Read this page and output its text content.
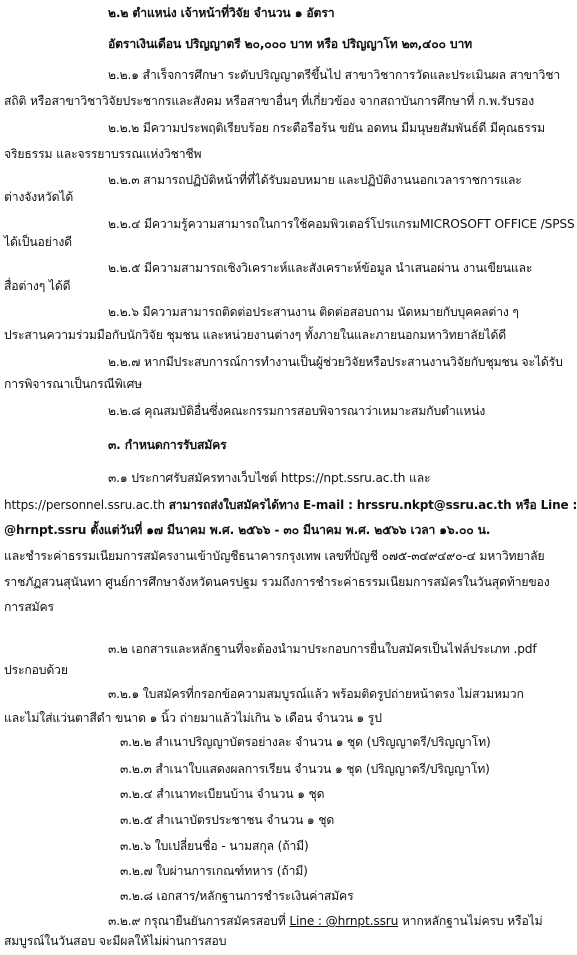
๒.๒ ตำแหน่ง เจ้าหน้าที่วิจัย จำนวน ๑ อัตรา
อัตราเงินเดือน ปริญญาตรี ๒๐,๐๐๐ บาท หรือ ปริญญาโท ๒๓,๔๐๐ บาท
๒.๒.๑ สำเร็จการศึกษา ระดับปริญญาตรีขึ้นไป สาขาวิชาการวัดและประเมินผล สาขาวิชา
สถิติ หรือสาขาวิชาวิจัยประชากรและสังคม หรือสาขาอื่นๆ ที่เกี่ยวข้อง จากสถาบันการศึกษาที่ ก.พ.รับรอง
๒.๒.๒ มีความประพฤติเรียบร้อย กระตือรือร้น ขยัน อดทน มีมนุษยสัมพันธ์ดี มีคุณธรรม
จริยธรรม และจรรยาบรรณแห่งวิชาชีพ
๒.๒.๓ สามารถปฏิบัติหน้าที่ที่ได้รับมอบหมาย และปฏิบัติงานนอกเวลาราชการและ
ต่างจังหวัดได้
๒.๒.๔ มีความรู้ความสามารถในการใช้คอมพิวเตอร์โปรแกรมMICROSOFT OFFICE /SPSS
ได้เป็นอย่างดี
๒.๒.๕ มีความสามารถเชิงวิเคราะห์และสังเคราะห์ข้อมูล นำเสนอผ่าน งานเขียนและ
สื่อต่างๆ ได้ดี
๒.๒.๖ มีความสามารถติดต่อประสานงาน ติดต่อสอบถาม นัดหมายกับบุคคลต่าง ๆ
ประสานความร่วมมือกับนักวิจัย ชุมชน และหน่วยงานต่างๆ ทั้งภายในและภายนอกมหาวิทยาลัยได้ดี
๒.๒.๗ หากมีประสบการณ์การทำงานเป็นผู้ช่วยวิจัยหรือประสานงานวิจัยกับชุมชน จะได้รับ
การพิจารณาเป็นกรณีพิเศษ
๒.๒.๘ คุณสมบัติอื่นซึ่งคณะกรรมการสอบพิจารณาว่าเหมาะสมกับตำแหน่ง
๓. กำหนดการรับสมัคร
๓.๑ ประกาศรับสมัครทางเว็บไซต์ https://npt.ssru.ac.th และ
https://personnel.ssru.ac.th สามารถส่งใบสมัครได้ทาง E-mail : hrssru.nkpt@ssru.ac.th หรือ Line :
@hrnpt.ssru ตั้งแต่วันที่ ๑๗ มีนาคม พ.ศ. ๒๕๖๖ - ๓๐ มีนาคม พ.ศ. ๒๕๖๖ เวลา ๑๖.๐๐ น.
และชำระค่าธรรมเนียมการสมัครงานเข้าบัญชีธนาคารกรุงเทพ เลขที่บัญชี ๐๗๕-๓๔๙๔๙๐-๔ มหาวิทยาลัย
ราชภัฏสวนสุนันทา ศูนย์การศึกษาจังหวัดนครปฐม รวมถึงการชำระค่าธรรมเนียมการสมัครในวันสุดท้ายของ
การสมัคร
๓.๒ เอกสารและหลักฐานที่จะต้องนำมาประกอบการยื่นใบสมัครเป็นไฟล์ประเภท .pdf
ประกอบด้วย
๓.๒.๑ ใบสมัครที่กรอกข้อความสมบูรณ์แล้ว พร้อมติดรูปถ่ายหน้าตรง ไม่สวมหมวก
และไม่ใส่แว่นตาสีดำ ขนาด ๑ นิ้ว ถ่ายมาแล้วไม่เกิน ๖ เดือน จำนวน ๑ รูป
๓.๒.๒ สำเนาปริญญาบัตรอย่างละ จำนวน ๑ ชุด (ปริญญาตรี/ปริญญาโท)
๓.๒.๓ สำเนาใบแสดงผลการเรียน จำนวน ๑ ชุด (ปริญญาตรี/ปริญญาโท)
๓.๒.๔ สำเนาทะเบียนบ้าน จำนวน ๑ ชุด
๓.๒.๕ สำเนาบัตรประชาชน จำนวน ๑ ชุด
๓.๒.๖ ใบเปลี่ยนชื่อ - นามสกุล (ถ้ามี)
๓.๒.๗ ใบผ่านการเกณฑ์ทหาร (ถ้ามี)
๓.๒.๘ เอกสาร/หลักฐานการชำระเงินค่าสมัคร
๓.๒.๙ กรุณายืนยันการสมัครสอบที่ Line : @hrnpt.ssru หากหลักฐานไม่ครบ หรือไม่
สมบูรณ์ในวันสอบ จะมีผลให้ไม่ผ่านการสอบ
